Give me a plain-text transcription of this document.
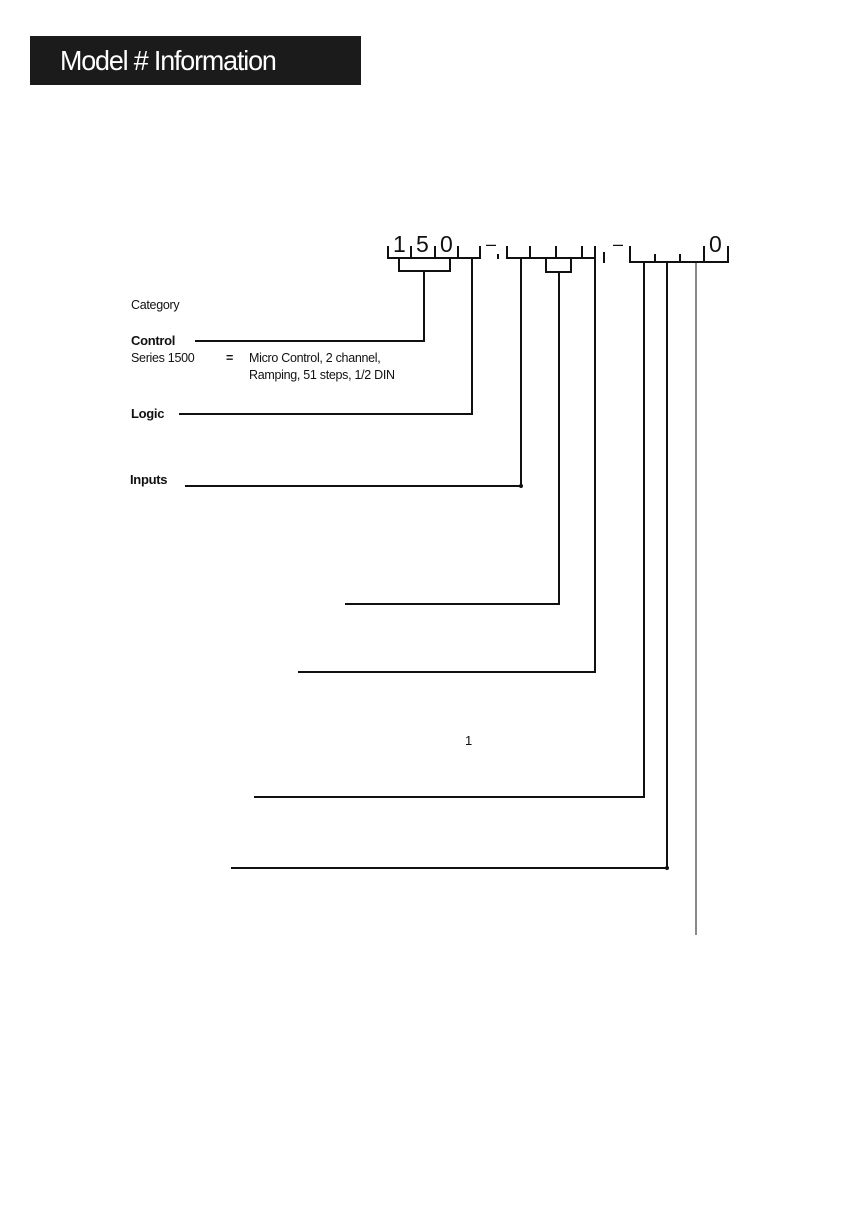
Model # Information
1 5 0 –	–	0
Category
Control
Series 1500	= Micro Control, 2 channel,
Ramping, 51 steps, 1/2 DIN
Logic
Inputs
1
